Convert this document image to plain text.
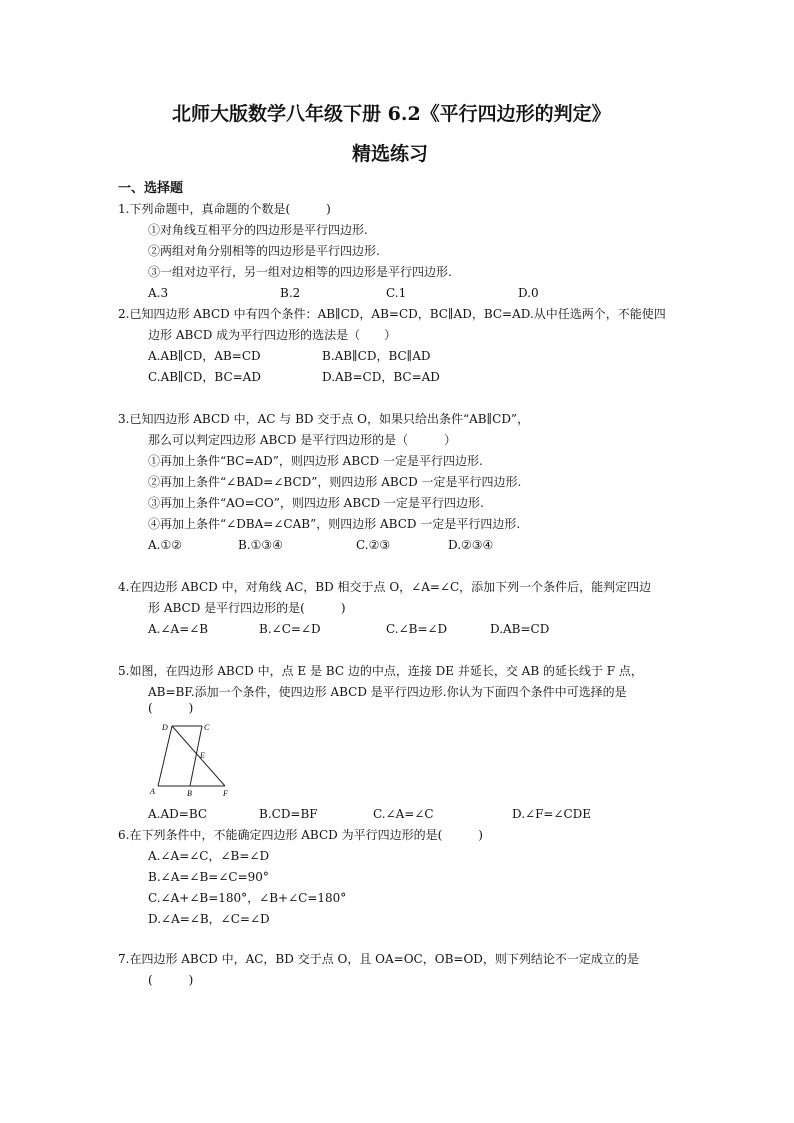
北师大版数学八年级下册 6.2《平行四边形的判定》
精选练习
一、选择题
1.下列命题中，真命题的个数是(　　　)
①对角线互相平分的四边形是平行四边形.
②两组对角分别相等的四边形是平行四边形.
③一组对边平行，另一组对边相等的四边形是平行四边形.
A.3	B.2	C.1	D.0
2.已知四边形 ABCD 中有四个条件：AB∥CD，AB=CD，BC∥AD，BC=AD.从中任选两个，不能使四
边形 ABCD 成为平行四边形的选法是（　　）
A.AB∥CD，AB=CD	B.AB∥CD，BC∥AD
C.AB∥CD，BC=AD	D.AB=CD，BC=AD
3.已知四边形 ABCD 中，AC 与 BD 交于点 O，如果只给出条件“AB∥CD”，
那么可以判定四边形 ABCD 是平行四边形的是（　　　）
①再加上条件“BC=AD”，则四边形 ABCD 一定是平行四边形.
②再加上条件“∠BAD=∠BCD”，则四边形 ABCD 一定是平行四边形.
③再加上条件“AO=CO”，则四边形 ABCD 一定是平行四边形.
④再加上条件“∠DBA=∠CAB”，则四边形 ABCD 一定是平行四边形.
A.①②	B.①③④	C.②③	D.②③④
4.在四边形 ABCD 中，对角线 AC，BD 相交于点 O，∠A=∠C，添加下列一个条件后，能判定四边
形 ABCD 是平行四边形的是(　　　)
A.∠A=∠B	B.∠C=∠D	C.∠B=∠D	D.AB=CD
5.如图，在四边形 ABCD 中，点 E 是 BC 边的中点，连接 DE 并延长，交 AB 的延长线于 F 点，
AB=BF.添加一个条件，使四边形 ABCD 是平行四边形.你认为下面四个条件中可选择的是
(　　　)
D	C
E
A	B	F
A.AD=BC	B.CD=BF	C.∠A=∠C	D.∠F=∠CDE
6.在下列条件中，不能确定四边形 ABCD 为平行四边形的是(　　　)
A.∠A=∠C，∠B=∠D
B.∠A=∠B=∠C=90°
C.∠A+∠B=180°，∠B+∠C=180°
D.∠A=∠B，∠C=∠D
7.在四边形 ABCD 中，AC，BD 交于点 O，且 OA=OC，OB=OD，则下列结论不一定成立的是
(　　　)
